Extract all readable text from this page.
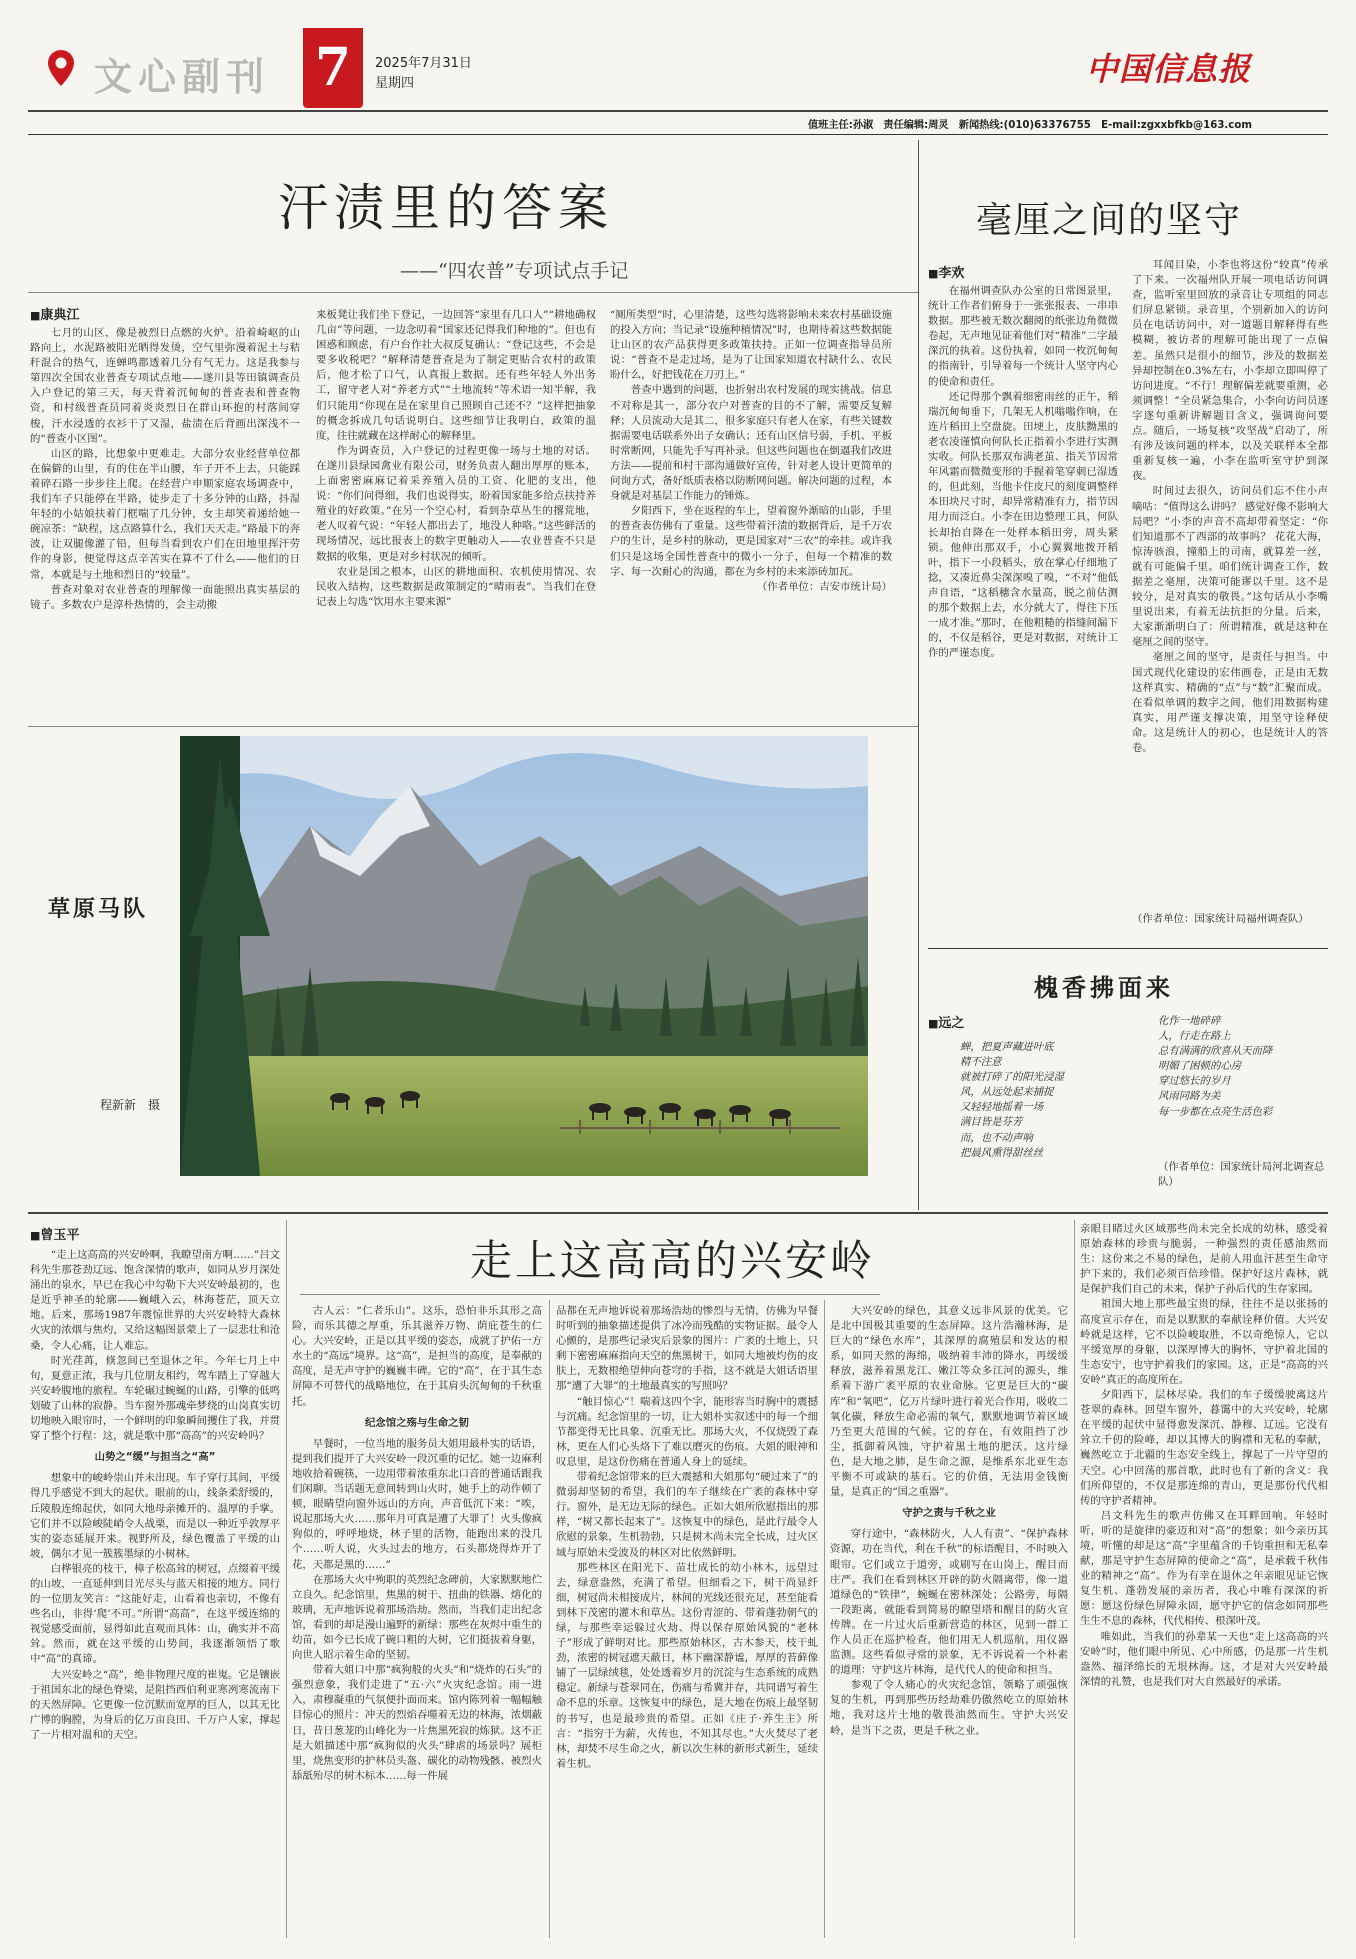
文心副刊 7	2025年7月31日
星期四	中国信息报
值班主任:孙淑　责任编辑:周灵　新闻热线:(010)63376755　E-mail:zgxxbfkb@163.com
汗渍里的答案
——“四农普”专项试点手记
■ 康典江

七月的山区，像是被烈日点燃的火炉。沿着崎岖的山路向上，水泥路被阳光晒得发烫，空气里弥漫着泥土与秸秆混合的热气，连蝉鸣都透着几分有气无力。这是我参与第四次全国农业普查专项试点地——遂川县等田镇调查员入户登记的第三天，每天背着沉甸甸的普查表和普查物资，和村级普查员同着炎炎烈日在群山环抱的村落间穿梭，汗水浸透的衣衫干了又湿，盐渍在后背画出深浅不一的“普查小区图”。

山区的路，比想象中更难走。大部分农业经营单位都在偏僻的山里，有的住在半山腰，车子开不上去，只能踩着碎石路一步步往上爬。在经营户申顺家庭农场调查中，我们车子只能停在半路，徒步走了十多分钟的山路，抖湿年轻的小姑娘扶着门框喘了几分钟，女主却笑着递给她一碗凉茶：“缺程，这点路算什么，我们天天走。”路最下的奔波，让双腿像灌了铅，但每当看到农户们在田地里挥汗劳作的身影，便觉得这点辛苦实在算不了什么——他们的日常，本就是与土地和烈日的“较量”。

普查对象对农业普查的理解像一面能照出真实基层的镜子。多数农户是淳朴热情的，会主动搬

来板凳让我们坐下登记，一边回答“家里有几口人”“耕地确权几亩”等问题，一边念叨着“国家还记得我们种地的”。但也有困惑和顾虑，有户台作社大叔反复确认：“登记这些，不会是要多收税吧？”解释清楚普查是为了制定更贴合农村的政策后，他才松了口气，认真报上数据。还有些年轻人外出务工，留守老人对“养老方式”“土地流转”等术语一知半解，我们只能用“你现在是在家里自己照顾自己还不？”这样把抽象的概念拆成几句话说明白。这些细节让我明白，政策的温度，往往就藏在这样耐心的解释里。

作为调查员，入户登记的过程更像一场与土地的对话。在遂川县绿园禽业有限公司，财务负责人翻出厚厚的账本，上面密密麻麻记着采养殖入员的工资、化肥的支出，他说：“你们问得细，我们也说得实，盼着国家能多给点扶持养殖业的好政策。”在另一个空心村，看到杂草丛生的撂荒地，老人叹着气说：“年轻人都出去了，地没人种咯。”这些鲜活的现场情况，远比报表上的数字更触动人——农业普查不只是数据的收集，更是对乡村状况的倾听。

农业是国之根本，山区的耕地面积、农机使用情况、农民收入结构，这些数据是政策制定的“晴雨表”。当我们在登记表上勾选“饮用水主要来源”

“厕所类型”时，心里清楚，这些勾选将影响未来农村基础设施的投入方向；当记录“设施种植情况”时，也期待着这些数据能让山区的农产品获得更多政策扶持。正如一位调查指导员所说：“普查不是走过场，是为了让国家知道农村缺什么、农民盼什么，好把钱花在刀刃上。”

普查中遇到的问题，也折射出农村发展的现实挑战。信息不对称是其一，部分农户对普查的目的不了解，需要反复解释；人员流动大是其二，很多家庭只有老人在家，有些关键数据需要电话联系外出子女确认；还有山区信号弱，手机、平板时常断网，只能先手写再补录。但这些问题也在倒逼我们改进方法——提前和村干部沟通做好宣传，针对老人设计更简单的问询方式，备好纸质表格以防断网问题。解决问题的过程，本身就是对基层工作能力的锤炼。

夕阳西下，坐在返程的车上，望着窗外渐暗的山影，手里的普查表仿佛有了重量。这些带着汗渍的数据背后，是千万农户的生计，是乡村的脉动，更是国家对“三农”的牵挂。或许我们只是这场全国性普查中的微小一分子，但每一个精准的数字、每一次耐心的沟通，都在为乡村的未来添砖加瓦。

（作者单位：吉安市统计局）

毫厘之间的坚守
■ 李欢

在福州调查队办公室的日常图景里，统计工作者们俯身于一张张报表、一串串数据。那些被无数次翻阅的纸张边角微微卷起，无声地见证着他们对“精准”二字最深沉的执着。这份执着，如同一枚沉甸甸的指南针，引导着每一个统计人坚守内心的使命和责任。

还记得那个飘着细密雨丝的正午，稻瑞沉甸甸垂下，几架无人机嗡嗡作响，在连片稻田上空盘旋。田埂上，皮肤黝黑的老农凌谨慎向何队长正指着小李进行实测实收。何队长那双布满老茧、指关节因常年风霜而微微变形的手握着笔穿刺已湿透的，但此刻，当他卡住皮尺的刻度调整样本田块尺寸时，却异常精准有力，指节因用力而泛白。小李在田边整理工具，何队长却抬自降在一处样本稻田旁，周头紧锁。他伸出那双手，小心翼翼地拨开稻叶，指下一小段稻头，放在掌心仔细地了捻，又凑近鼻尖深深嗅了嗅，“不对”他低声自语，“这稻穗含水量高，脱之前估测的那个数据上去，水分就大了，得往下压一成才准。”那时，在他粗糙的指缝间漏下的，不仅是稻谷，更是对数据，对统计工作的严谨态度。

耳闻目染，小李也将这份“较真”传承了下来。一次福州队开展一项电话访问调查，监听室里回放的录音让专项组的同志们屏息紧锁。录音里，个别新加入的访问员在电话访问中，对一道题目解释得有些模糊，被访者的理解可能出现了一点偏差。虽然只是很小的细节，涉及的数据差异却控制在0.3%左右，小李却立即叫停了访问进度。“不行！理解偏差就要重测，必须调整！”全员紧急集合，小李向访问员逐字逐句重新讲解题目含义，强调询问要点。随后，一场复核“攻坚战”启动了，所有涉及该问题的样本，以及关联样本全都重新复核一遍，小李在监听室守护到深夜。

时间过去很久，访问员们忘不住小声嘀咕：“值得这么讲吗？ 感觉好像不影响大局吧？”小李的声音不高却带着坚定：“你们知道那不了西部的故事吗？ 花花大海，惊涛骇浪，撞船上的司南，就算差一丝，就有可能偏千里。咱们统计调查工作，数据差之毫厘，决策可能谬以千里。这不是较分，是对真实的敬畏。”这句话从小李嘴里说出来，有着无法抗拒的分量。后来，大家渐渐明白了：所谓精准，就是这种在毫厘之间的坚守。

毫厘之间的坚守，是责任与担当。中国式现代化建设的宏伟画卷，正是由无数这样真实、精确的“点”与“数”汇聚而成。在看似单调的数字之间，他们用数据构建真实，用严谨支撑决策，用坚守诠释使命。这是统计人的初心，也是统计人的答卷。

（作者单位：国家统计局福州调查队）
槐香拂面来
■ 远之

蝉，把夏声藏进叶底

精不注意

就被打碎了的阳光浸湿

风，从远处起来捕捉

又轻轻地摇着一场

满目皆是芬芳

而，也不动声响

把晨风熏得甜丝丝

化作一地碎碎

人，行走在路上

总有满满的欣喜从天而降

明媚了困顿的心房

穿过悠长的岁月

风雨同路为美

每一步都在点亮生活色彩

（作者单位：国家统计局河北调查总队）
草原马队
程新新　摄
■ 曾玉平
走上这高高的兴安岭

“走上这高高的兴安岭啊，我瞭望南方啊……”吕文科先生那苍劲辽远、饱含深情的歌声，如同从岁月深处涌出的泉水，早已在我心中勾勒下大兴安岭最初的，也是近乎神圣的轮廓——巍峨入云，林海苍茫，顶天立地。后来，那场1987年震惊世界的大兴安岭特大森林火灾的浓烟与焦灼，又给这幅图景蒙上了一层悲壮和沧桑，令人心痛，让人难忘。

时光荏苒，倏忽间已至退休之年。今年七月上中旬，夏意正浓，我与几位朋友相约，驾车踏上了穿越大兴安岭腹地的旅程。车轮碾过蜿蜒的山路，引擎的低鸣划破了山林的寂静。当车窗外那魂牵梦绕的山岗真实切切地映入眼帘时，一个鲜明的印象瞬间攫住了我，并贯穿了整个行程：这，就是歌中那“高高”的兴安岭吗？

山势之“缓”与担当之“高”

想象中的峻岭崇山并未出现。车子穿行其间，平缓得几乎感觉不到大的起伏。眼前的山，线条柔舒缓的，丘陵般连绵起伏，如同大地母亲摊开的、温厚的手掌。它们并不以险峻陡峭令人战栗，而是以一种近乎敦厚平实的姿态延展开来。视野所及，绿色覆盖了平缓的山坡，偶尔才见一簇簇墨绿的小树林。

白桦银亮的枝干，樟子松高耸的树冠，点缀着平缓的山坡，一直延伸到目光尽头与蓝天相接的地方。同行的一位朋友笑言：“这能好走，山看着也亲切，不像有些名山，非得‘爬’不可。”所谓“高高”，在这平缓连绵的视觉感受面前，显得如此直观而具体：山，确实并不高耸。然而，就在这平缓的山势间，我逐渐领悟了歌中“高”的真谛。

大兴安岭之“高”，绝非物理尺度的崔嵬。它是镶嵌于祖国东北的绿色脊梁，是阻挡西伯利亚寒冽寒流南下的天然屏障。它更像一位沉默而宽厚的巨人，以其无比广博的胸膛，为身后的亿万亩良田、千万户人家，撑起了一片相对温和的天空。

古人云：“仁者乐山”。这乐，恐怕非乐其形之高险，而乐其德之厚重，乐其滋养万物、荫庇苍生的仁心。大兴安岭，正是以其平缓的姿态，成就了护佑一方水土的“高远”境界。这“高”，是担当的高度，是奉献的高度，是无声守护的巍巍丰碑。它的“高”，在于其生态屏障不可替代的战略地位，在于其肩头沉甸甸的千秋重托。

纪念馆之殇与生命之韧

早餐时，一位当地的服务员大姐用最朴实的话语，提到我们提开了大兴安岭一段沉重的记忆。她一边麻利地收拾着碗筷，一边用带着浓重东北口音的普通话跟我们闲聊。当话题无意间转到山火时，她手上的动作顿了顿，眼睛望向窗外远山的方向，声音低沉下来：“唉，说起那场大火……那年月可真是遭了大罪了！火头像疯狗似的，呼呼地烧，林子里的活物，能跑出来的没几个……听人说，火头过去的地方，石头都烧得炸开了花，天都是黑的……”

在那场大火中殉职的英烈纪念碑前，大家默默地伫立良久。纪念馆里，焦黑的树干、扭曲的铁器、熔化的玻璃，无声地诉说着那场浩劫。然而，当我们走出纪念馆，看到的却是漫山遍野的新绿：那些在灰烬中重生的幼苗，如今已长成了碗口粗的大树，它们挺拔着身躯，向世人昭示着生命的坚韧。

带着大姐口中那“疯狗般的火头”和“烧炸的石头”的强烈意象，我们走进了“五·六”火灾纪念馆。雨一进入，肃穆凝重的气氛便扑面而来。馆内陈列着一幅幅触目惊心的照片：冲天的烈焰吞噬着无边的林海，浓烟蔽日，昔日葱茏的山峰化为一片焦黑死寂的炼狱。这不正是大姐描述中那“疯狗似的火头”肆虐的场景吗？展柜里，烧焦变形的护林员头盔、碳化的动物残骸、被烈火舔舐殆尽的树木标本……每一件展

品都在无声地诉说着那场浩劫的惨烈与无情，仿佛为早餐时听到的抽象描述提供了冰冷而残酷的实物证据。最令人心颤的，是那些记录灾后景象的图片：广袤的土地上，只剩下密密麻麻指向天空的焦黑树干，如同大地被灼伤的皮肤上，无数根绝望伸向苍穹的手指，这不就是大姐话语里那“遭了大罪”的土地最真实的写照吗？

“触目惊心”！喘着这四个字，能形容当时胸中的震撼与沉痛。纪念馆里的一切，让大姐朴实叙述中的每一个细节都变得无比具象、沉重无比。那场大火，不仅烧毁了森林，更在人们心头烙下了难以磨灭的伤痕。大姐的眼神和叹息里，是这份伤痛在普通人身上的延续。

带着纪念馆带来的巨大震撼和大姐那句“硬过来了”的微弱却坚韧的希望，我们的车子继续在广袤的森林中穿行。窗外，是无边无际的绿色。正如大姐所欣慰指出的那样，“树又都长起来了”。这恢复中的绿色，是此行最令人欣慰的景象，生机勃勃，只是树木尚未完全长成，过火区域与原始未受波及的林区对比依然鲜明。

那些林区在阳光下、苗壮成长的幼小林木，远望过去，绿意盎然，充满了希望。但细看之下，树干尚显纤细，树冠尚未相接成片，林间的光线还很充足，甚至能看到林下茂密的灌木和草丛。这份青涩的、带着蓬勃朝气的绿，与那些幸运躲过火劫、得以保存原始风貌的“老林子”形成了鲜明对比。那些原始林区，古木参天，枝干虬劲，浓密的树冠遮天蔽日，林下幽深静谧，厚厚的苔藓像铺了一层绿绒毯，处处透着岁月的沉淀与生态系统的成熟稳定。新绿与苍翠同在，伤痛与希冀并存，共同谱写着生命不息的乐章。这恢复中的绿色，是大地在伤痕上最坚韧的书写，也是最珍贵的希望。正如《庄子·养生主》所言：“指穷于为薪，火传也，不知其尽也。”大火焚尽了老林，却焚不尽生命之火，新以次生林的新形式新生，延续着生机。

大兴安岭的绿色，其意义远非风景的优美。它是北中国极其重要的生态屏障。这片浩瀚林海，是巨大的“绿色水库”，其深厚的腐殖层和发达的根系，如同天然的海绵，吸纳着丰沛的降水，再缓缓释放，滋养着黑龙江、嫩江等众多江河的源头，维系着下游广袤平原的农业命脉。它更是巨大的“碳库”和“氧吧”，亿万片绿叶进行着光合作用，吸收二氧化碳，释放生命必需的氧气，默默地调节着区域乃至更大范围的气候。它的存在，有效阻挡了沙尘，抵御着风蚀，守护着黑土地的肥沃。这片绿色，是大地之肺，是生命之源，是维系东北亚生态平衡不可或缺的基石。它的价值，无法用金钱衡量，是真正的“国之重器”。

守护之责与千秋之业

穿行途中，“森林防火，人人有责”、“保护森林资源，功在当代，利在千秋”的标语醒目，不时映入眼帘。它们或立于道旁，或刷写在山岗上，醒目而庄严。我们在看到林区开辟的防火隔离带，像一道道绿色的“铁律”，蜿蜒在密林深处；公路旁，每隔一段距离，就能看到简易的瞭望塔和醒目的防火宣传牌。在一片过火后重新营造的林区，见到一群工作人员正在巡护检查，他们用无人机巡航，用仪器监测。这些看似寻常的景象，无不诉说着一个朴素的道理：守护这片林海，是代代人的使命和担当。

参观了令人痛心的火灾纪念馆，领略了顽强恢复的生机，再到那些历经劫难仍傲然屹立的原始林地，我对这片土地的敬畏油然而生。守护大兴安岭，是当下之责，更是千秋之业。

亲眼目睹过火区域那些尚未完全长成的幼林，感受着原始森林的珍贵与脆弱，一种强烈的责任感油然而生：这份来之不易的绿色，是前人用血汗甚至生命守护下来的，我们必须百倍珍惜。保护好这片森林，就是保护我们自己的未来，保护子孙后代的生存家园。

祖国大地上那些最宝贵的绿，往往不是以张扬的高度宣示存在，而是以默默的奉献诠释价值。大兴安岭就是这样，它不以险峻取胜，不以奇绝惊人，它以平缓宽厚的身躯，以深厚博大的胸怀，守护着北国的生态安宁，也守护着我们的家园。这，正是“高高的兴安岭”真正的高度所在。

夕阳西下，层林尽染。我们的车子缓缓驶离这片苍翠的森林。回望车窗外，暮霭中的大兴安岭，轮廓在平缓的起伏中显得愈发深沉、静穆、辽远。它没有耸立千仞的险峰，却以其博大的胸襟和无私的奉献，巍然屹立于北疆的生态安全线上，撑起了一片守望的天空。心中回荡的那首歌，此时也有了新的含义：我们所仰望的，不仅是那连绵的青山，更是那份代代相传的守护者精神。

吕文科先生的歌声仿佛又在耳畔回响。年轻时听，听的是旋律的豪迈和对“高”的想象；如今亲历其境，听懂的却是这“高”字里蕴含的千钧重担和无私奉献，那是守护生态屏障的使命之“高”，是承载千秋伟业的精神之“高”。作为有幸在退休之年亲眼见证它恢复生机、蓬勃发展的亲历者，我心中唯有深深的祈愿：愿这份绿色屏障永固，愿守护它的信念如同那些生生不息的森林，代代相传、根深叶茂。

唯如此，当我们的孙辈某一天也“走上这高高的兴安岭”时，他们眼中所见、心中所感，仍是那一片生机盎然、福泽绵长的无垠林海。这，才是对大兴安岭最深情的礼赞，也是我们对大自然最好的承诺。
